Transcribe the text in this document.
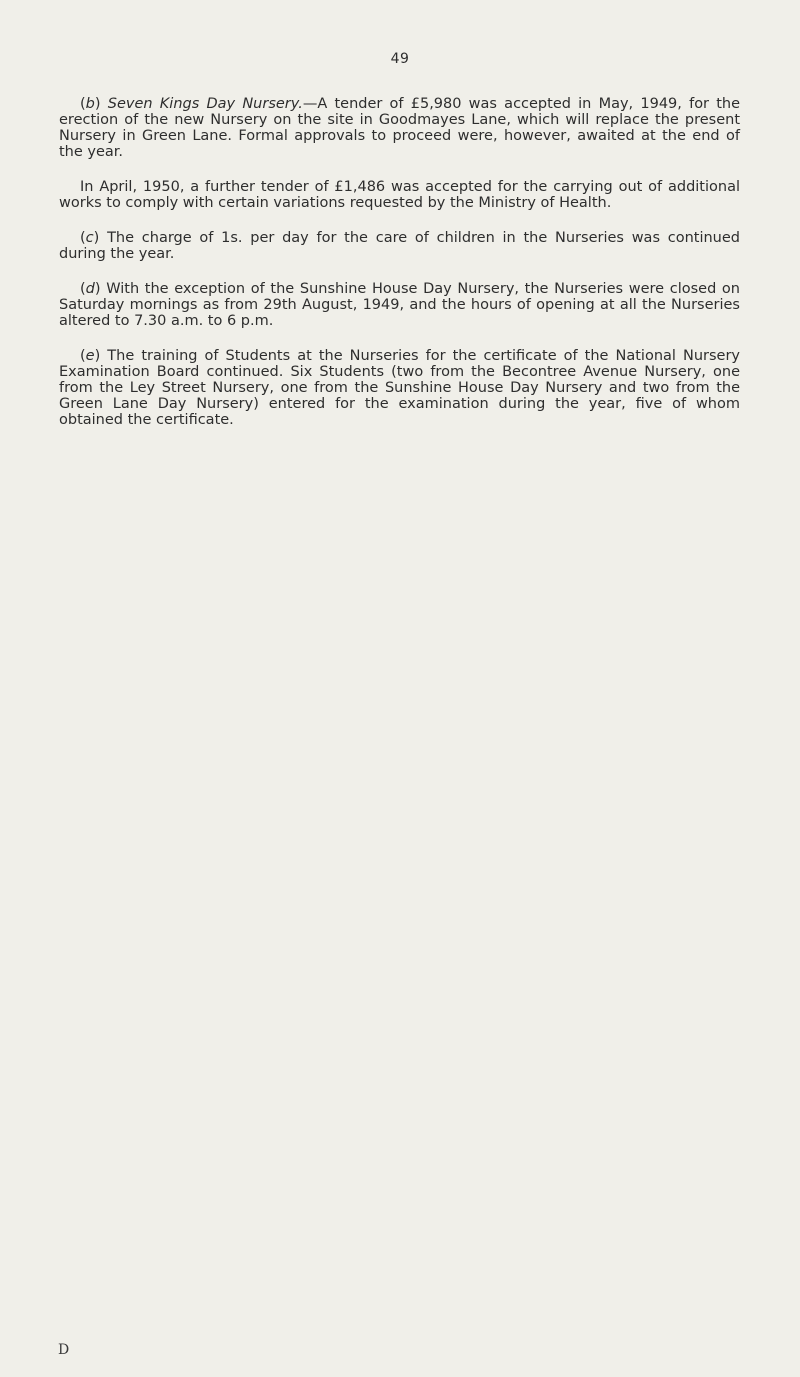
49

(b) Seven Kings Day Nursery.—A tender of £5,980 was accepted in May, 1949, for the erection of the new Nursery on the site in Goodmayes Lane, which will replace the present Nursery in Green Lane. Formal approvals to proceed were, however, awaited at the end of the year.

In April, 1950, a further tender of £1,486 was accepted for the carrying out of additional works to comply with certain variations requested by the Ministry of Health.

(c) The charge of 1s. per day for the care of children in the Nurseries was continued during the year.

(d) With the exception of the Sunshine House Day Nursery, the Nurseries were closed on Saturday mornings as from 29th August, 1949, and the hours of opening at all the Nurseries altered to 7.30 a.m. to 6 p.m.

(e) The training of Students at the Nurseries for the certificate of the National Nursery Examination Board continued. Six Students (two from the Becontree Avenue Nursery, one from the Ley Street Nursery, one from the Sunshine House Day Nursery and two from the Green Lane Day Nursery) entered for the examination during the year, five of whom obtained the certificate.

D
